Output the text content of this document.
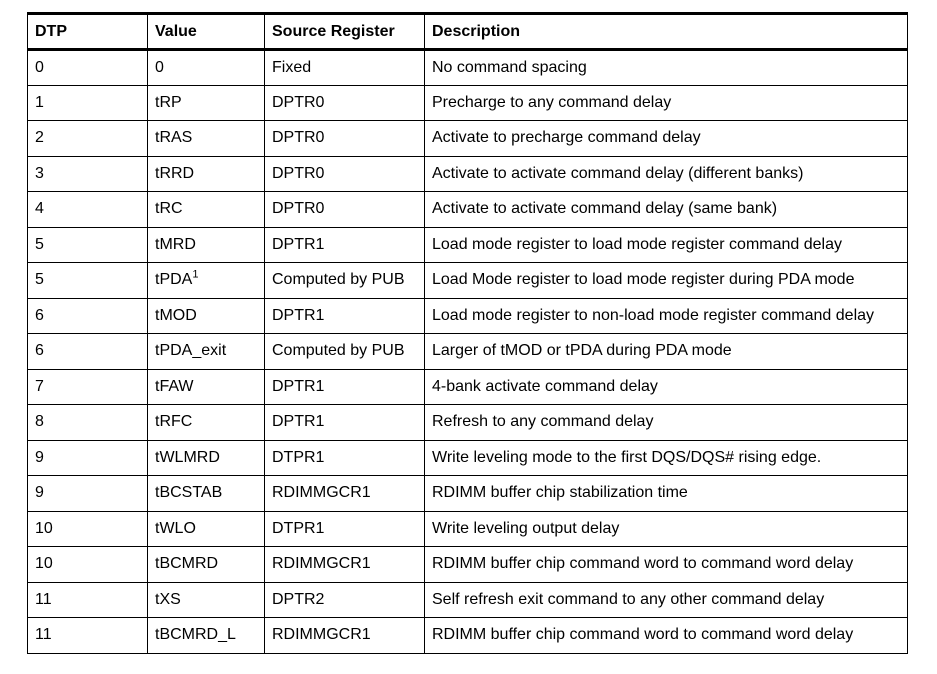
DTP	Value	Source Register	Description
0	0	Fixed	No command spacing
1	tRP	DPTR0	Precharge to any command delay
2	tRAS	DPTR0	Activate to precharge command delay
3	tRRD	DPTR0	Activate to activate command delay (different banks)
4	tRC	DPTR0	Activate to activate command delay (same bank)
5	tMRD	DPTR1	Load mode register to load mode register command delay
5	tPDA$^1$	Computed by PUB	Load Mode register to load mode register during PDA mode
6	tMOD	DPTR1	Load mode register to non-load mode register command delay
6	tPDA_exit	Computed by PUB	Larger of tMOD or tPDA during PDA mode
7	tFAW	DPTR1	4-bank activate command delay
8	tRFC	DPTR1	Refresh to any command delay
9	tWLMRD	DTPR1	Write leveling mode to the first DQS/DQS# rising edge.
9	tBCSTAB	RDIMMGCR1	RDIMM buffer chip stabilization time
10	tWLO	DTPR1	Write leveling output delay
10	tBCMRD	RDIMMGCR1	RDIMM buffer chip command word to command word delay
11	tXS	DPTR2	Self refresh exit command to any other command delay
11	tBCMRD_L	RDIMMGCR1	RDIMM buffer chip command word to command word delay
